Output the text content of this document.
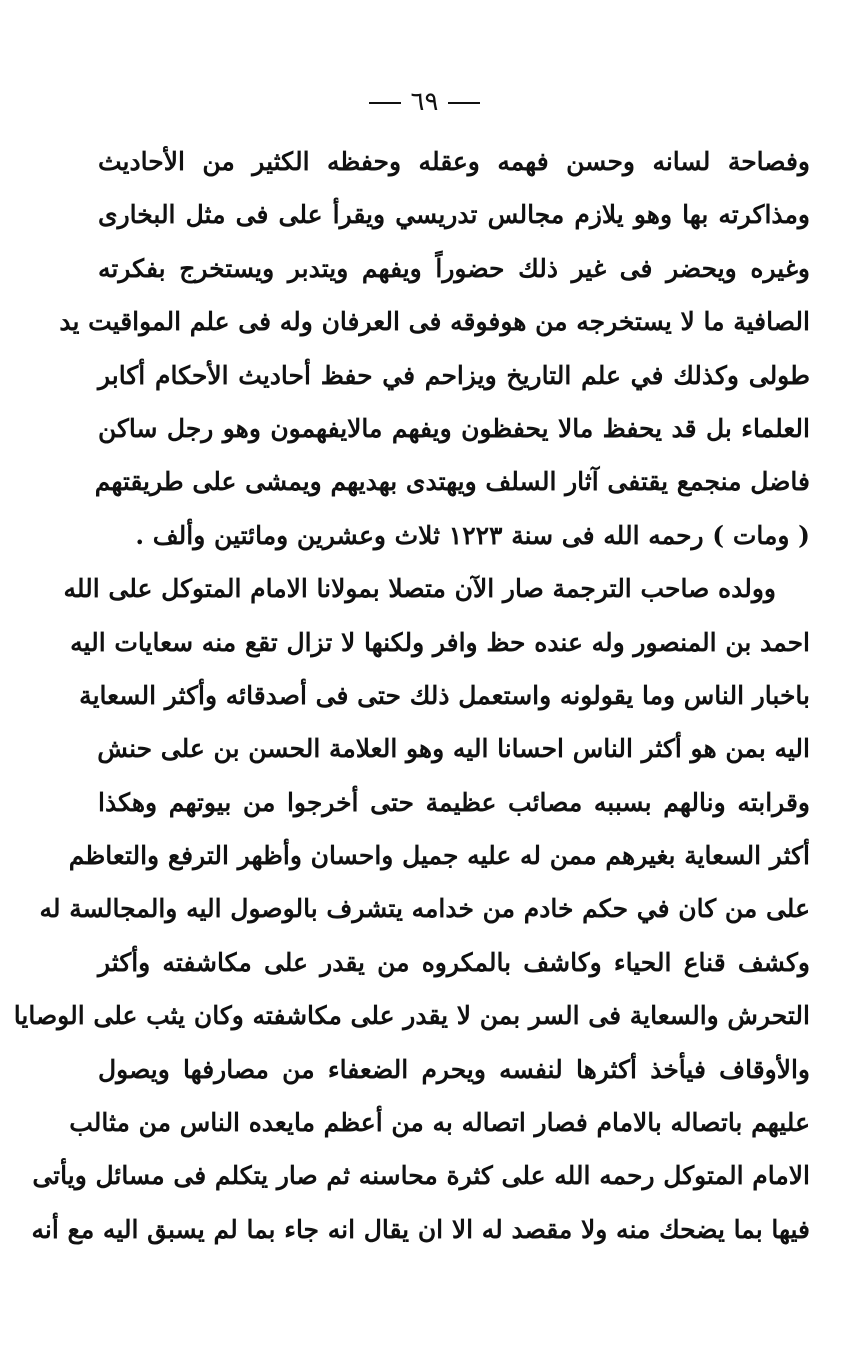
٦٩
وفصاحة لسانه وحسن فهمه وعقله وحفظه الكثير من الأحاديث
ومذاكرته بها وهو يلازم مجالس تدريسي ويقرأ على فى مثل البخارى
وغيره ويحضر فى غير ذلك حضوراً ويفهم ويتدبر ويستخرج بفكرته
الصافية ما لا يستخرجه من هوفوقه فى العرفان وله فى علم المواقيت يد
طولى وكذلك في علم التاريخ ويزاحم في حفظ أحاديث الأحكام أكابر
العلماء بل قد يحفظ مالا يحفظون ويفهم مالايفهمون وهو رجل ساكن
فاضل منجمع يقتفى آثار السلف ويهتدى بهديهم ويمشى على طريقتهم
( ومات ) رحمه الله فى سنة ١٢٢٣ ثلاث وعشرين ومائتين وألف .
وولده صاحب الترجمة صار الآن متصلا بمولانا الامام المتوكل على الله
احمد بن المنصور وله عنده حظ وافر ولكنها لا تزال تقع منه سعايات اليه
باخبار الناس وما يقولونه واستعمل ذلك حتى فى أصدقائه وأكثر السعاية
اليه بمن هو أكثر الناس احسانا اليه وهو العلامة الحسن بن على حنش
وقرابته ونالهم بسببه مصائب عظيمة حتى أخرجوا من بيوتهم وهكذا
أكثر السعاية بغيرهم ممن له عليه جميل واحسان وأظهر الترفع والتعاظم
على من كان في حكم خادم من خدامه يتشرف بالوصول اليه والمجالسة له
وكشف قناع الحياء وكاشف بالمكروه من يقدر على مكاشفته وأكثر
التحرش والسعاية فى السر بمن لا يقدر على مكاشفته وكان يثب على الوصايا
والأوقاف فيأخذ أكثرها لنفسه ويحرم الضعفاء من مصارفها ويصول
عليهم باتصاله بالامام فصار اتصاله به من أعظم مايعده الناس من مثالب
الامام المتوكل رحمه الله على كثرة محاسنه ثم صار يتكلم فى مسائل ويأتى
فيها بما يضحك منه ولا مقصد له الا ان يقال انه جاء بما لم يسبق اليه مع أنه
